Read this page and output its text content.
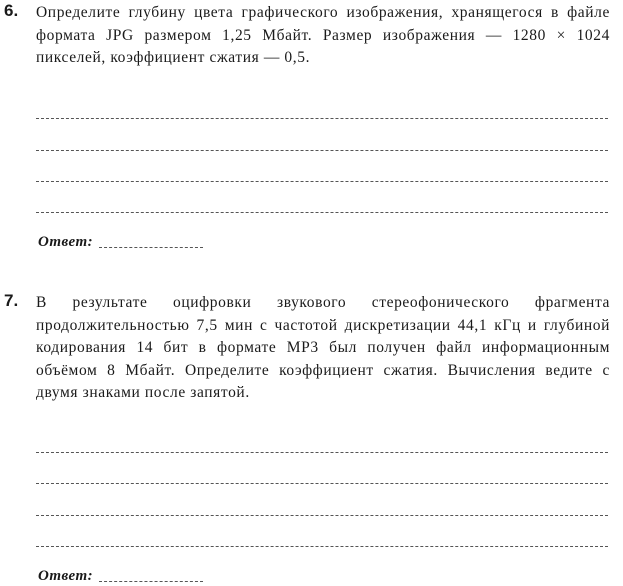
6. Определите глубину цвета графического изображения, хранящегося в файле формата JPG размером 1,25 Мбайт. Размер изображения — 1280 × 1024 пикселей, коэффициент сжатия — 0,5.

Ответ:
7. В результате оцифровки звукового стереофонического фрагмента продолжительностью 7,5 мин с частотой дискретизации 44,1 кГц и глубиной кодирования 14 бит в формате МР3 был получен файл информационным объёмом 8 Мбайт. Определите коэффициент сжатия. Вычисления ведите с двумя знаками после запятой.

Ответ:
